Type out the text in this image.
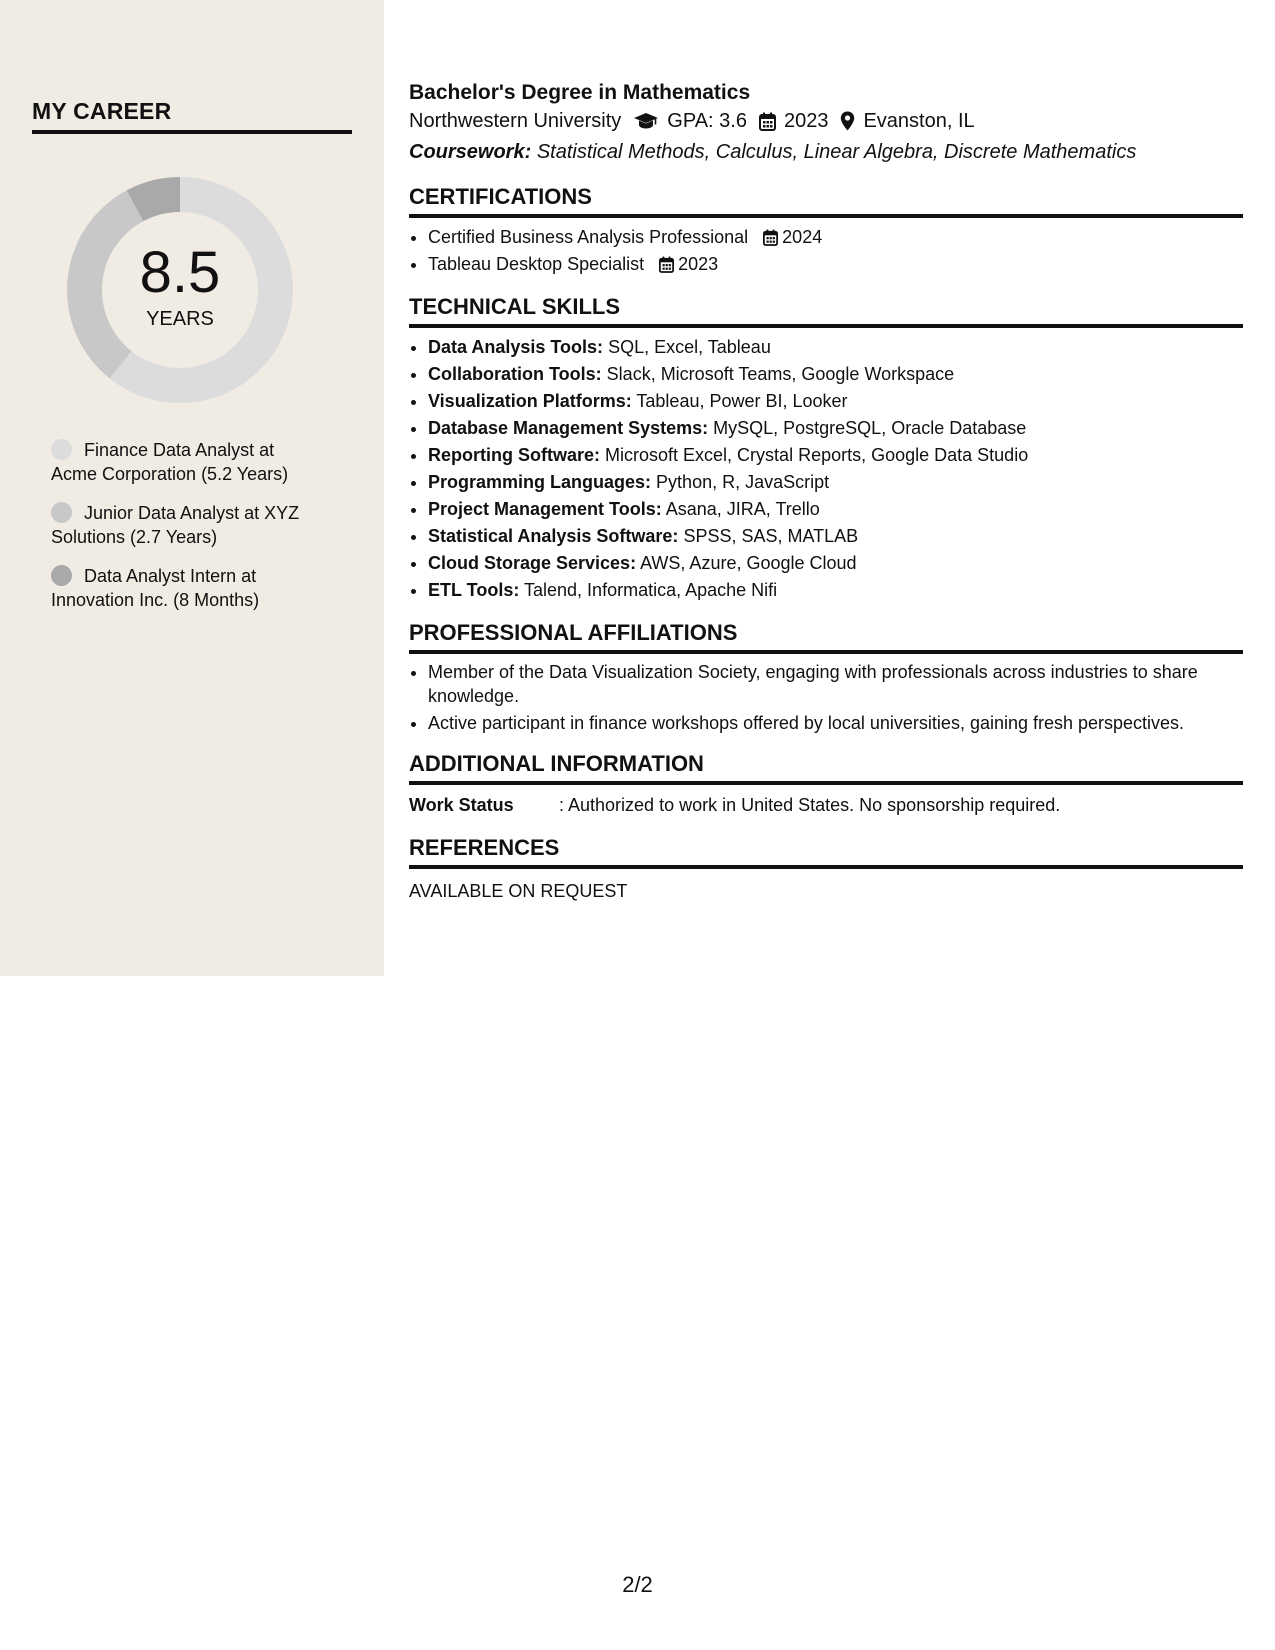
MY CAREER
8.5
YEARS
Finance Data Analyst at Acme Corporation (5.2 Years)
Junior Data Analyst at XYZ Solutions (2.7 Years)
Data Analyst Intern at Innovation Inc. (8 Months)
Bachelor's Degree in Mathematics
Northwestern University GPA: 3.6 2023 Evanston, IL
Coursework: Statistical Methods, Calculus, Linear Algebra, Discrete Mathematics
CERTIFICATIONS
• Certified Business Analysis Professional 2024
• Tableau Desktop Specialist 2023
TECHNICAL SKILLS
• Data Analysis Tools: SQL, Excel, Tableau
• Collaboration Tools: Slack, Microsoft Teams, Google Workspace
• Visualization Platforms: Tableau, Power BI, Looker
• Database Management Systems: MySQL, PostgreSQL, Oracle Database
• Reporting Software: Microsoft Excel, Crystal Reports, Google Data Studio
• Programming Languages: Python, R, JavaScript
• Project Management Tools: Asana, JIRA, Trello
• Statistical Analysis Software: SPSS, SAS, MATLAB
• Cloud Storage Services: AWS, Azure, Google Cloud
• ETL Tools: Talend, Informatica, Apache Nifi
PROFESSIONAL AFFILIATIONS
• Member of the Data Visualization Society, engaging with professionals across industries to share knowledge.
• Active participant in finance workshops offered by local universities, gaining fresh perspectives.
ADDITIONAL INFORMATION
Work Status	: Authorized to work in United States. No sponsorship required.
REFERENCES
AVAILABLE ON REQUEST
2/2
